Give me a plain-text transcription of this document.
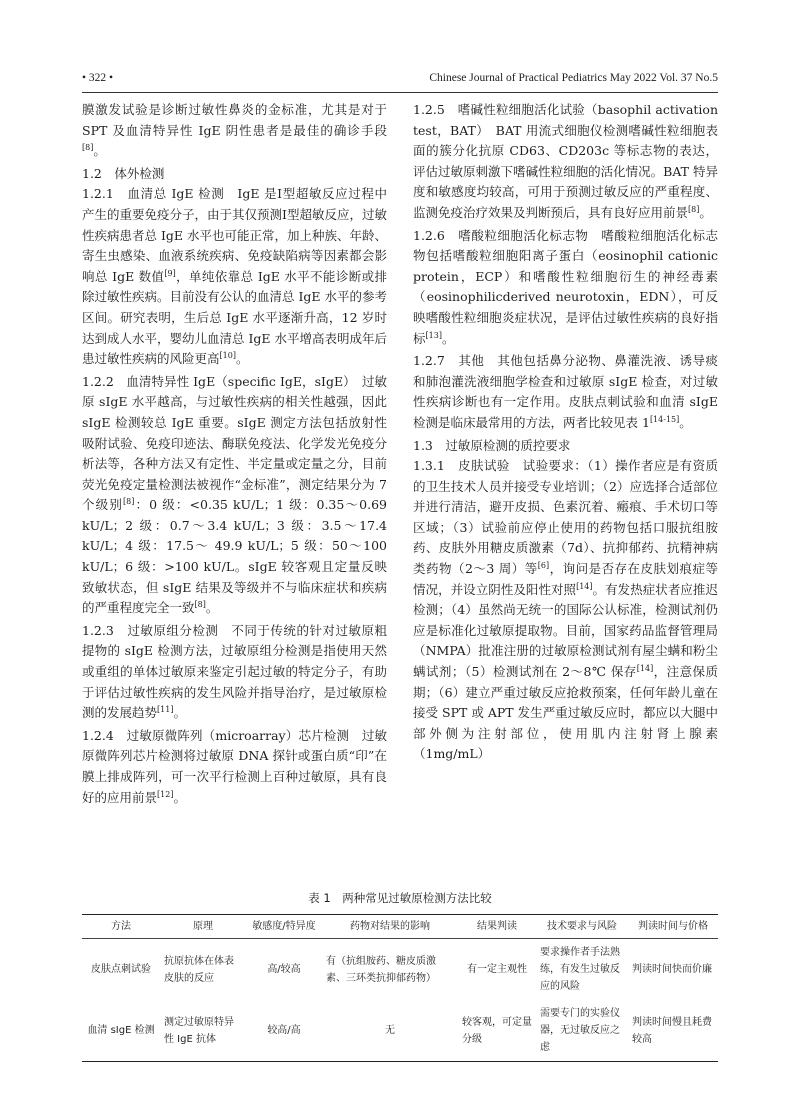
• 322 •	Chinese Journal of Practical Pediatrics May 2022 Vol. 37 No.5

膜激发试验是诊断过敏性鼻炎的金标准，尤其是对于 SPT 及血清特异性 IgE 阴性患者是最佳的确诊手段[8]。

1.2　体外检测

1.2.1　血清总 IgE 检测　IgE 是Ⅰ型超敏反应过程中产生的重要免疫分子，由于其仅预测Ⅰ型超敏反应，过敏性疾病患者总 IgE 水平也可能正常，加上种族、年龄、寄生虫感染、血液系统疾病、免疫缺陷病等因素都会影响总 IgE 数值[9]，单纯依靠总 IgE 水平不能诊断或排除过敏性疾病。目前没有公认的血清总 IgE 水平的参考区间。研究表明，生后总 IgE 水平逐渐升高，12 岁时达到成人水平，婴幼儿血清总 IgE 水平增高表明成年后患过敏性疾病的风险更高[10]。

1.2.2　血清特异性 IgE（specific IgE，sIgE）　过敏原 sIgE 水平越高，与过敏性疾病的相关性越强，因此 sIgE 检测较总 IgE 重要。sIgE 测定方法包括放射性吸附试验、免疫印迹法、酶联免疫法、化学发光免疫分析法等，各种方法又有定性、半定量或定量之分，目前荧光免疫定量检测法被视作“金标准”，测定结果分为 7 个级别[8]：0 级：<0.35 kU/L；1 级：0.35～0.69 kU/L；2 级：0.7～3.4 kU/L；3 级：3.5～17.4 kU/L；4 级：17.5～ 49.9 kU/L；5 级：50～100 kU/L；6 级：>100 kU/L。sIgE 较客观且定量反映致敏状态，但 sIgE 结果及等级并不与临床症状和疾病的严重程度完全一致[8]。

1.2.3　过敏原组分检测　不同于传统的针对过敏原粗提物的 sIgE 检测方法，过敏原组分检测是指使用天然或重组的单体过敏原来鉴定引起过敏的特定分子，有助于评估过敏性疾病的发生风险并指导治疗，是过敏原检测的发展趋势[11]。

1.2.4　过敏原微阵列（microarray）芯片检测　过敏原微阵列芯片检测将过敏原 DNA 探针或蛋白质“印”在膜上排成阵列，可一次平行检测上百种过敏原，具有良好的应用前景[12]。

1.2.5　嗜碱性粒细胞活化试验（basophil activation test，BAT）　BAT 用流式细胞仪检测嗜碱性粒细胞表面的簇分化抗原 CD63、CD203c 等标志物的表达，评估过敏原刺激下嗜碱性粒细胞的活化情况。BAT 特异度和敏感度均较高，可用于预测过敏反应的严重程度、监测免疫治疗效果及判断预后，具有良好应用前景[8]。

1.2.6　嗜酸粒细胞活化标志物　嗜酸粒细胞活化标志物包括嗜酸粒细胞阳离子蛋白（eosinophil cationic protein，ECP）和嗜酸性粒细胞衍生的神经毒素（eosinophilicderived neurotoxin，EDN），可反映嗜酸性粒细胞炎症状况，是评估过敏性疾病的良好指标[13]。

1.2.7　其他　其他包括鼻分泌物、鼻灌洗液、诱导痰和肺泡灌洗液细胞学检查和过敏原 sIgE 检查，对过敏性疾病诊断也有一定作用。皮肤点刺试验和血清 sIgE 检测是临床最常用的方法，两者比较见表 1[14-15]。

1.3　过敏原检测的质控要求

1.3.1　皮肤试验　试验要求：（1）操作者应是有资质的卫生技术人员并接受专业培训；（2）应选择合适部位并进行清洁，避开皮损、色素沉着、瘢痕、手术切口等区域；（3）试验前应停止使用的药物包括口服抗组胺药、皮肤外用糖皮质激素（7d）、抗抑郁药、抗精神病类药物（2～3 周）等[6]，询问是否存在皮肤划痕症等情况，并设立阴性及阳性对照[14]。有发热症状者应推迟检测；（4）虽然尚无统一的国际公认标准，检测试剂仍应是标准化过敏原提取物。目前，国家药品监督管理局（NMPA）批准注册的过敏原检测试剂有屋尘螨和粉尘螨试剂；（5）检测试剂在 2～8℃ 保存[14]，注意保质期；（6）建立严重过敏反应抢救预案，任何年龄儿童在接受 SPT 或 APT 发生严重过敏反应时，都应以大腿中部外侧为注射部位，使用肌内注射肾上腺素（1mg/mL）

表 1　两种常见过敏原检测方法比较
方法	原理	敏感度/特异度	药物对结果的影响	结果判读	技术要求与风险	判读时间与价格
皮肤点刺试验	抗原抗体在体表皮肤的反应	高/较高	有（抗组胺药、糖皮质激素、三环类抗抑郁药物）	有一定主观性	要求操作者手法熟练，有发生过敏反应的风险	判读时间快而价廉
血清 sIgE 检测	测定过敏原特异性 IgE 抗体	较高/高	无	较客观，可定量分级	需要专门的实验仪器，无过敏反应之虑	判读时间慢且耗费较高
